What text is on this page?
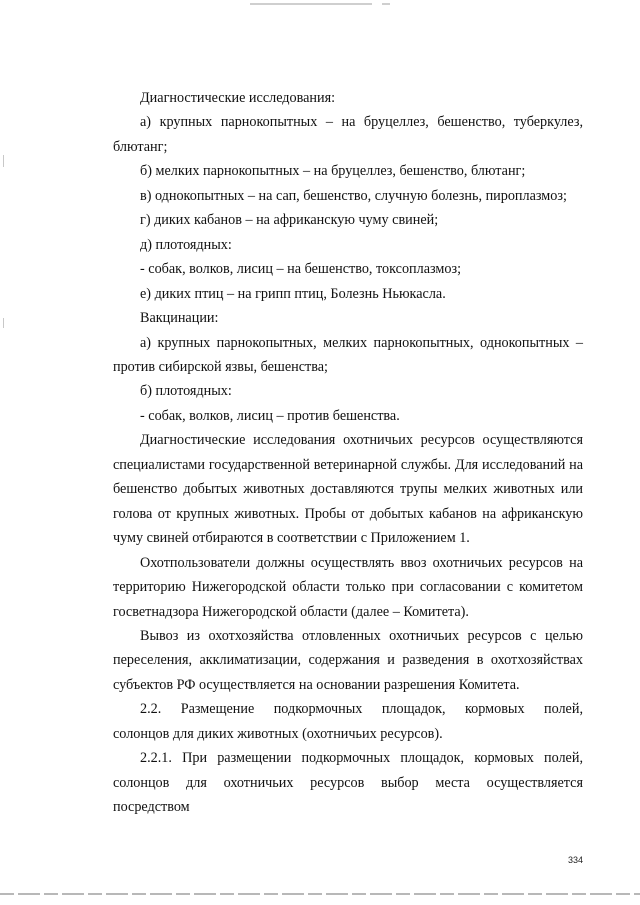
Диагностические исследования:
а) крупных парнокопытных – на бруцеллез, бешенство, туберкулез,
блютанг;
б) мелких парнокопытных – на бруцеллез, бешенство, блютанг;
в) однокопытных – на сап, бешенство, случную болезнь, пироплазмоз;
г) диких кабанов – на африканскую чуму свиней;
д) плотоядных:
- собак, волков, лисиц – на бешенство, токсоплазмоз;
е) диких птиц – на грипп птиц, Болезнь Ньюкасла.
Вакцинации:
а) крупных парнокопытных, мелких парнокопытных, однокопытных –
против сибирской язвы, бешенства;
б) плотоядных:
- собак, волков, лисиц – против бешенства.
Диагностические исследования охотничьих ресурсов осуществляются
специалистами государственной ветеринарной службы. Для исследований на
бешенство добытых животных доставляются трупы мелких животных или
голова от крупных животных. Пробы от добытых кабанов на африканскую
чуму свиней отбираются в соответствии с Приложением 1.
Охотпользователи должны осуществлять ввоз охотничьих ресурсов на
территорию Нижегородской области только при согласовании с комитетом
госветнадзора Нижегородской области (далее – Комитета).
Вывоз из охотхозяйства отловленных охотничьих ресурсов с целью
переселения, акклиматизации, содержания и разведения в охотхозяйствах
субъектов РФ осуществляется на основании разрешения Комитета.
2.2. Размещение подкормочных площадок, кормовых полей,
солонцов для диких животных (охотничьих ресурсов).
2.2.1. При размещении подкормочных площадок, кормовых полей,
солонцов для охотничьих ресурсов выбор места осуществляется посредством
334
